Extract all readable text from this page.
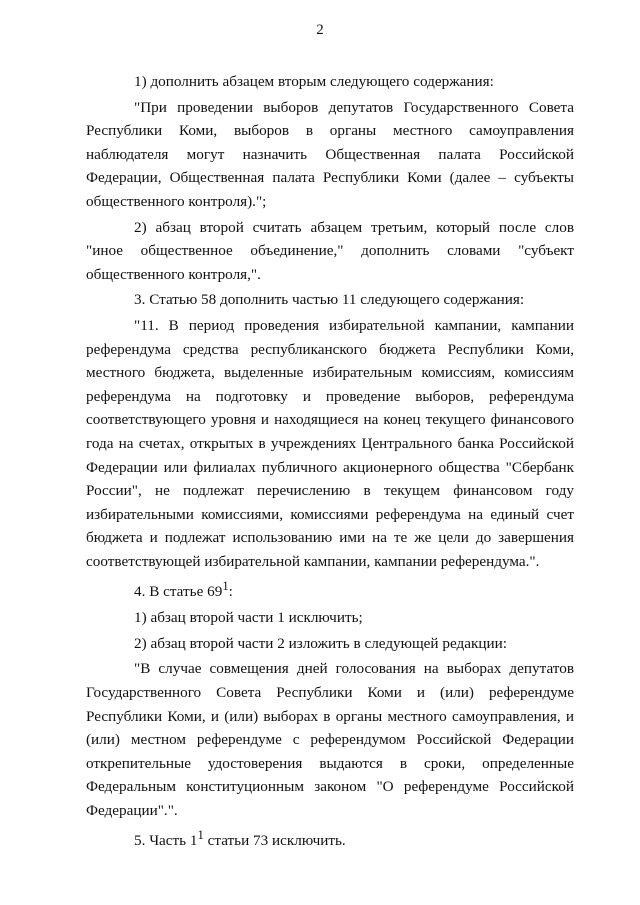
2

1) дополнить абзацем вторым следующего содержания:

"При проведении выборов депутатов Государственного Совета Республики Коми, выборов в органы местного самоуправления наблюдателя могут назначить Общественная палата Российской Федерации, Общественная палата Республики Коми (далее – субъекты общественного контроля).";

2) абзац второй считать абзацем третьим, который после слов "иное общественное объединение," дополнить словами "субъект общественного контроля,".

3. Статью 58 дополнить частью 11 следующего содержания:

"11. В период проведения избирательной кампании, кампании референдума средства республиканского бюджета Республики Коми, местного бюджета, выделенные избирательным комиссиям, комиссиям референдума на подготовку и проведение выборов, референдума соответствующего уровня и находящиеся на конец текущего финансового года на счетах, открытых в учреждениях Центрального банка Российской Федерации или филиалах публичного акционерного общества "Сбербанк России", не подлежат перечислению в текущем финансовом году избирательными комиссиями, комиссиями референдума на единый счет бюджета и подлежат использованию ими на те же цели до завершения соответствующей избирательной кампании, кампании референдума.".

4. В статье $69^1$:

1) абзац второй части 1 исключить;

2) абзац второй части 2 изложить в следующей редакции:

"В случае совмещения дней голосования на выборах депутатов Государственного Совета Республики Коми и (или) референдуме Республики Коми, и (или) выборах в органы местного самоуправления, и (или) местном референдуме с референдумом Российской Федерации открепительные удостоверения выдаются в сроки, определенные Федеральным конституционным законом "О референдуме Российской Федерации".".

5. Часть $1^1$ статьи 73 исключить.
